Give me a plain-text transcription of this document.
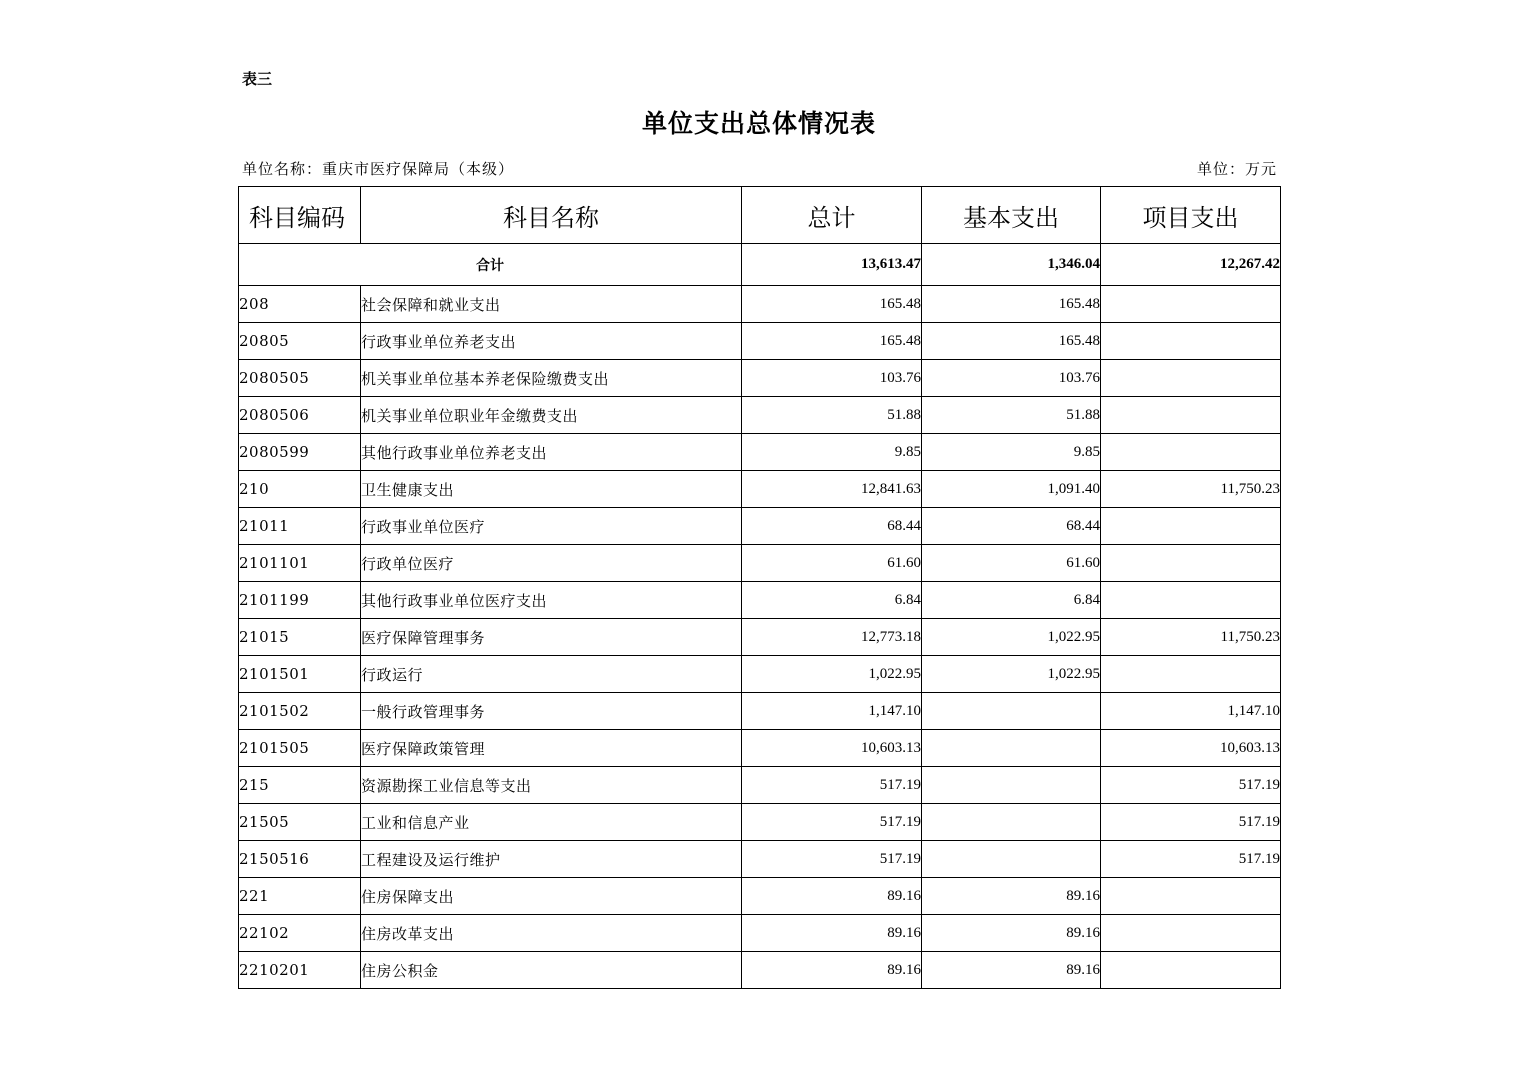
表三
单位支出总体情况表
单位名称：重庆市医疗保障局（本级）	单位：万元
科目编码	科目名称	总计	基本支出	项目支出
合计		13,613.47	1,346.04	12,267.42
208	社会保障和就业支出	165.48	165.48	
20805	行政事业单位养老支出	165.48	165.48	
2080505	机关事业单位基本养老保险缴费支出	103.76	103.76	
2080506	机关事业单位职业年金缴费支出	51.88	51.88	
2080599	其他行政事业单位养老支出	9.85	9.85	
210	卫生健康支出	12,841.63	1,091.40	11,750.23
21011	行政事业单位医疗	68.44	68.44	
2101101	行政单位医疗	61.60	61.60	
2101199	其他行政事业单位医疗支出	6.84	6.84	
21015	医疗保障管理事务	12,773.18	1,022.95	11,750.23
2101501	行政运行	1,022.95	1,022.95	
2101502	一般行政管理事务	1,147.10		1,147.10
2101505	医疗保障政策管理	10,603.13		10,603.13
215	资源勘探工业信息等支出	517.19		517.19
21505	工业和信息产业	517.19		517.19
2150516	工程建设及运行维护	517.19		517.19
221	住房保障支出	89.16	89.16	
22102	住房改革支出	89.16	89.16	
2210201	住房公积金	89.16	89.16	
